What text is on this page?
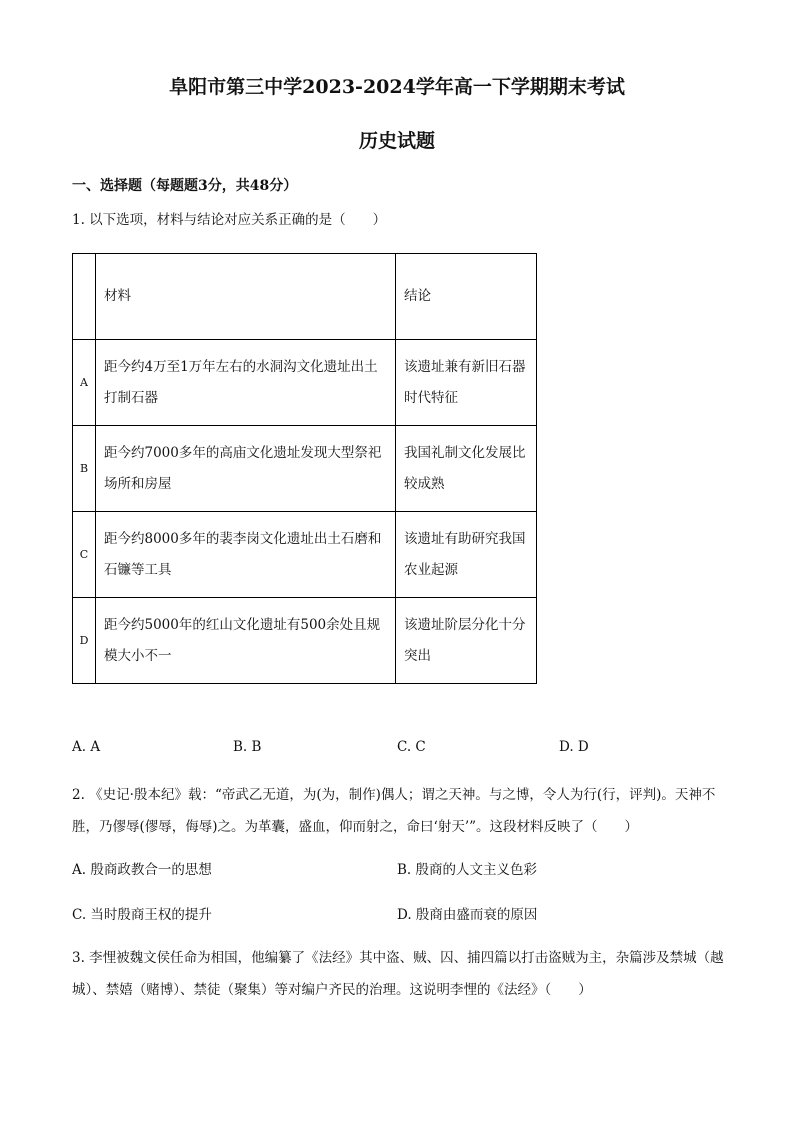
阜阳市第三中学2023-2024学年高一下学期期末考试
历史试题
一、选择题（每题题3分，共48分）
1. 以下选项，材料与结论对应关系正确的是（　　）
	材料	结论
A	距今约4万至1万年左右的水洞沟文化遗址出土打制石器	该遗址兼有新旧石器时代特征
B	距今约7000多年的高庙文化遗址发现大型祭祀场所和房屋	我国礼制文化发展比较成熟
C	距今约8000多年的裴李岗文化遗址出土石磨和石镰等工具	该遗址有助研究我国农业起源
D	距今约5000年的红山文化遗址有500余处且规模大小不一	该遗址阶层分化十分突出
A. A	B. B	C. C	D. D
2. 《史记·殷本纪》载：“帝武乙无道，为(为，制作)偶人；谓之天神。与之博，令人为行(行，评判)。天神不胜，乃僇辱(僇辱，侮辱)之。为革囊，盛血，仰而射之，命曰‘射天’”。这段材料反映了（　　）
A. 殷商政教合一的思想	B. 殷商的人文主义色彩
C. 当时殷商王权的提升	D. 殷商由盛而衰的原因
3. 李悝被魏文侯任命为相国，他编纂了《法经》其中盗、贼、囚、捕四篇以打击盗贼为主，杂篇涉及禁城（越城）、禁嬉（赌博）、禁徒（聚集）等对编户齐民的治理。这说明李悝的《法经》（　　）
